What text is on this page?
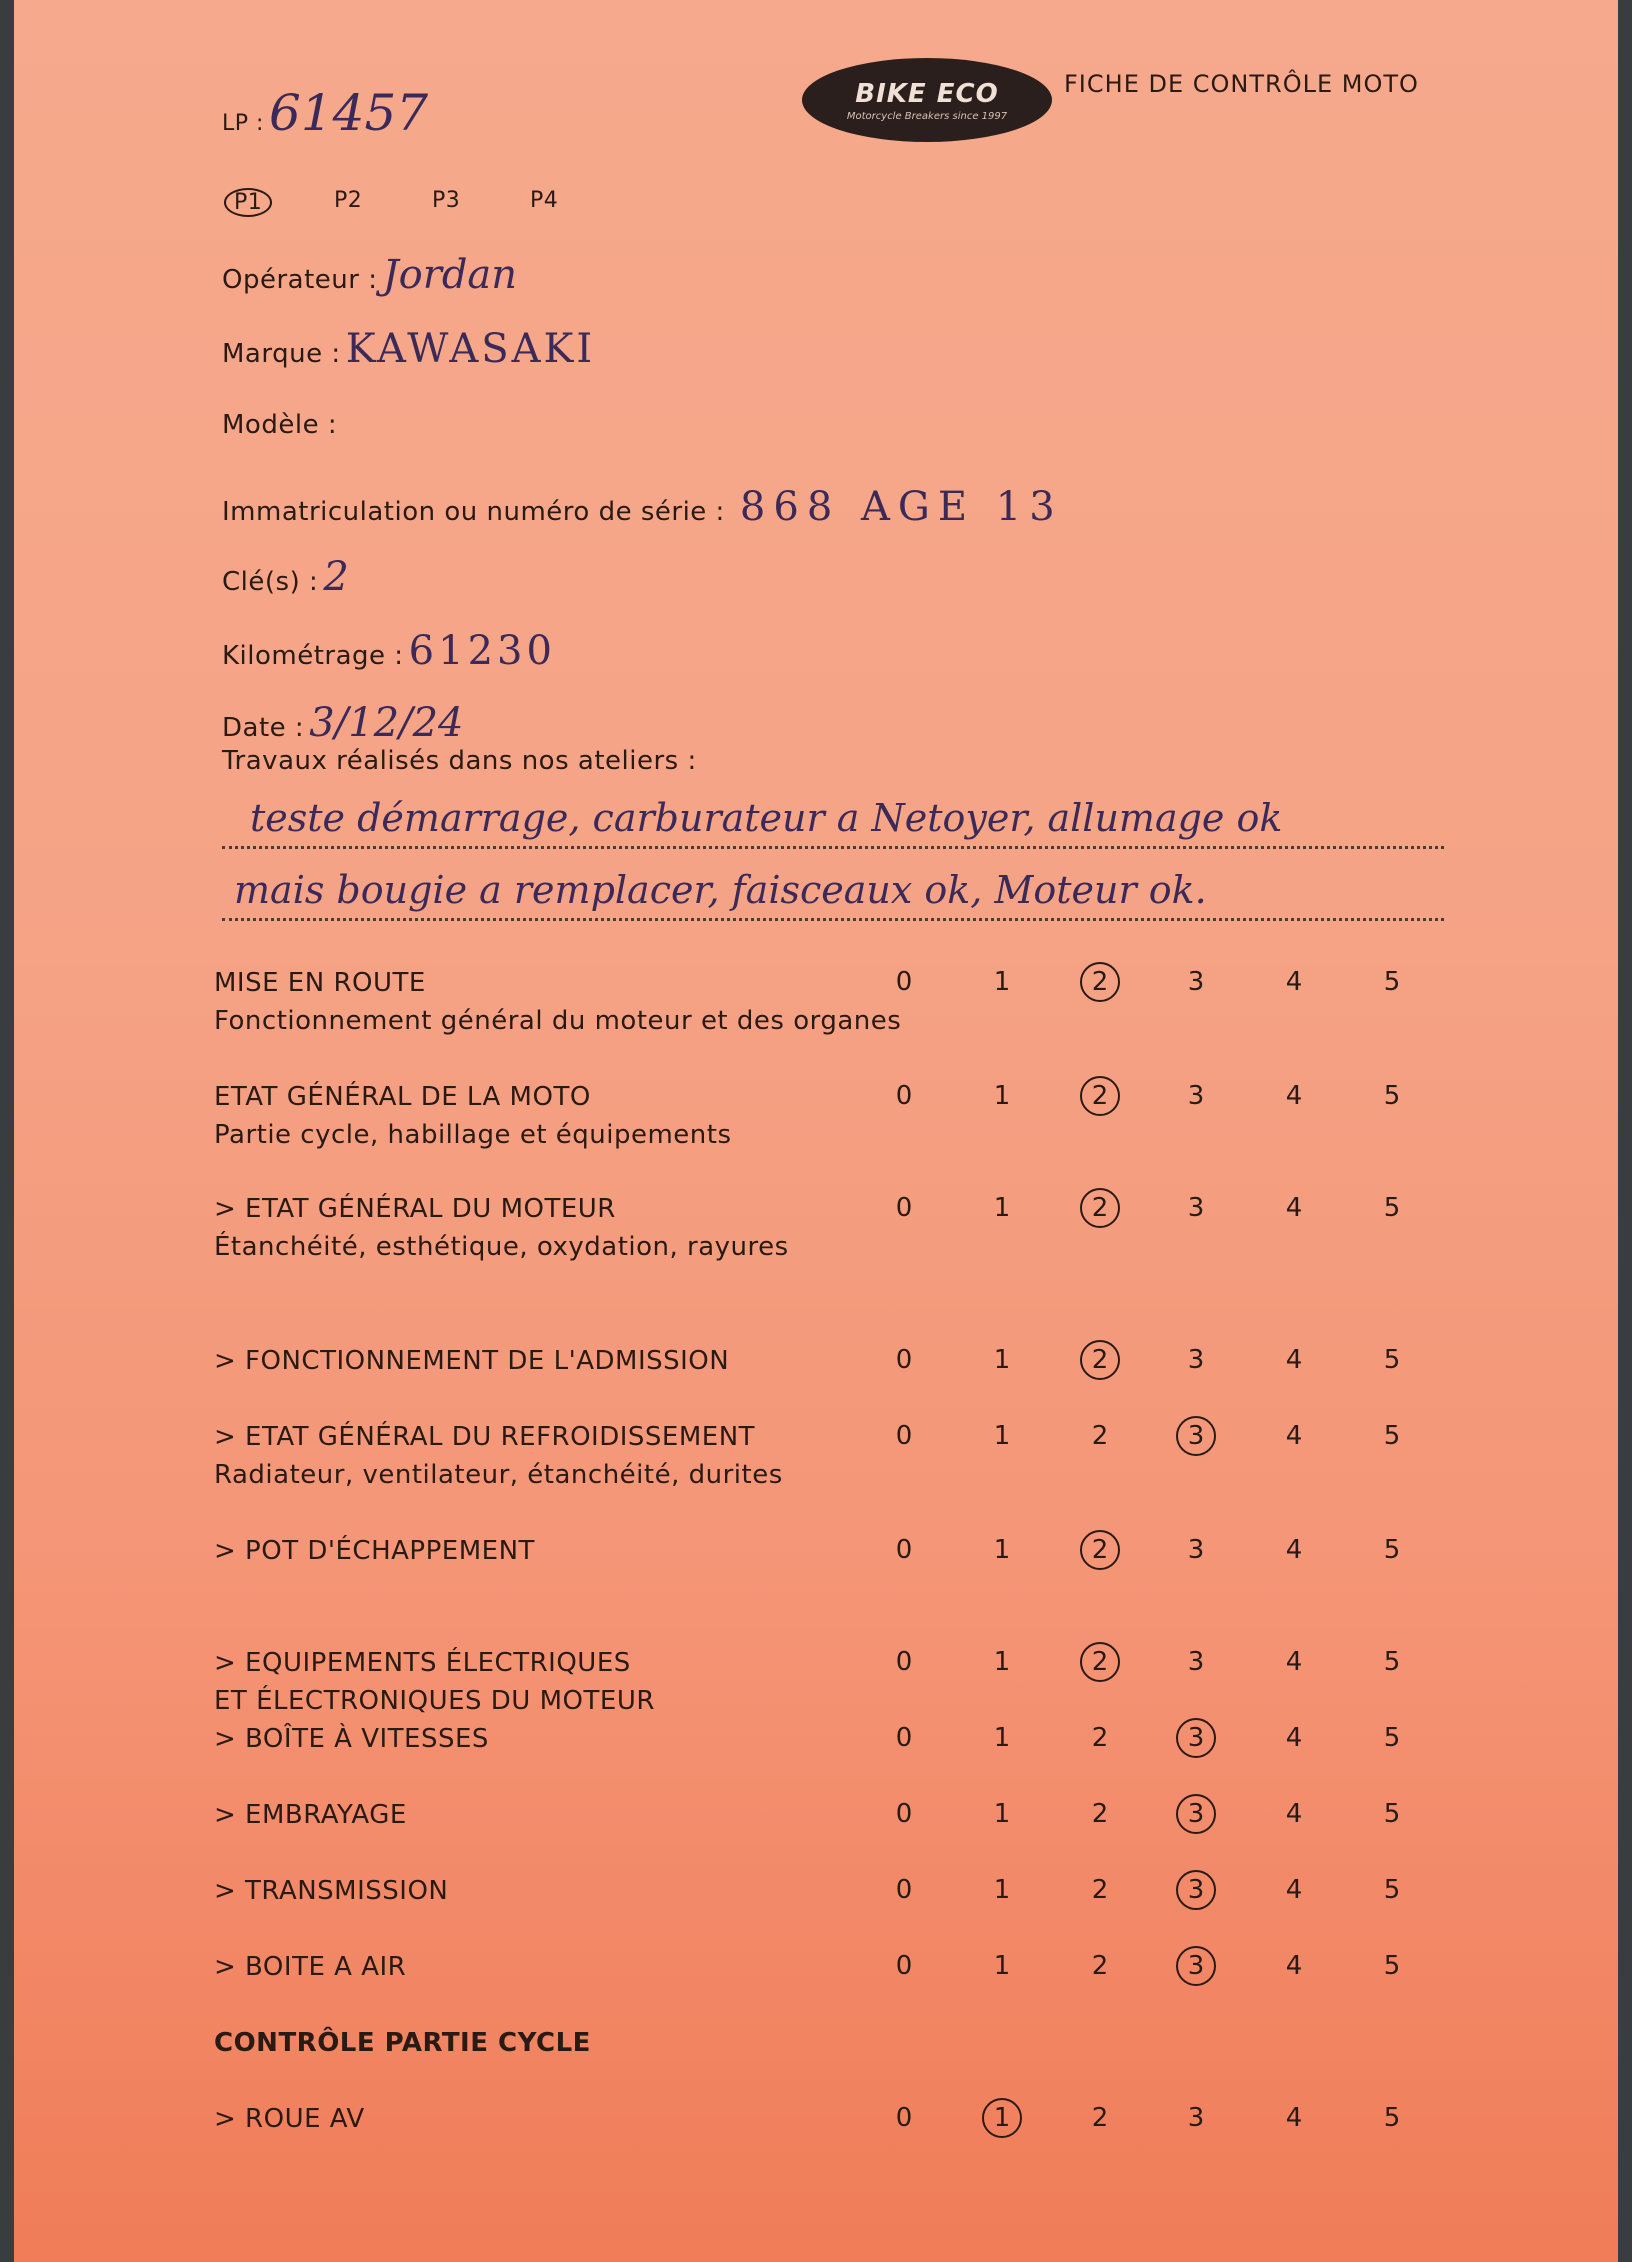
LP : 61457	BIKE ECO
Motorcycle Breakers since 1997
FICHE DE CONTRÔLE MOTO
P1	P2	P3	P4
Opérateur : Jordan
Marque : KAWASAKI
Modèle :
Immatriculation ou numéro de série : 868 AGE 13
Clé(s) : 2
Kilométrage : 61230
Date : 3/12/24
Travaux réalisés dans nos ateliers :
teste démarrage, carburateur a Netoyer, allumage ok
mais bougie a remplacer, faisceaux ok, Moteur ok.
MISE EN ROUTE
Fonctionnement général du moteur et des organes
0	1	2	3	4	5
ETAT GÉNÉRAL DE LA MOTO
Partie cycle, habillage et équipements
0	1	2	3	4	5
> ETAT GÉNÉRAL DU MOTEUR
Étanchéité, esthétique, oxydation, rayures
0	1	2	3	4	5
> FONCTIONNEMENT DE L'ADMISSION	0	1	2	3	4	5
> ETAT GÉNÉRAL DU REFROIDISSEMENT
Radiateur, ventilateur, étanchéité, durites
0	1	2	3	4	5
> POT D'ÉCHAPPEMENT	0	1	2	3	4	5
> EQUIPEMENTS ÉLECTRIQUES
ET ÉLECTRONIQUES DU MOTEUR
0	1	2	3	4	5
> BOÎTE À VITESSES	0	1	2	3	4	5
> EMBRAYAGE	0	1	2	3	4	5
> TRANSMISSION	0	1	2	3	4	5
> BOITE A AIR	0	1	2	3	4	5
CONTRÔLE PARTIE CYCLE
> ROUE AV	0	1	2	3	4	5
